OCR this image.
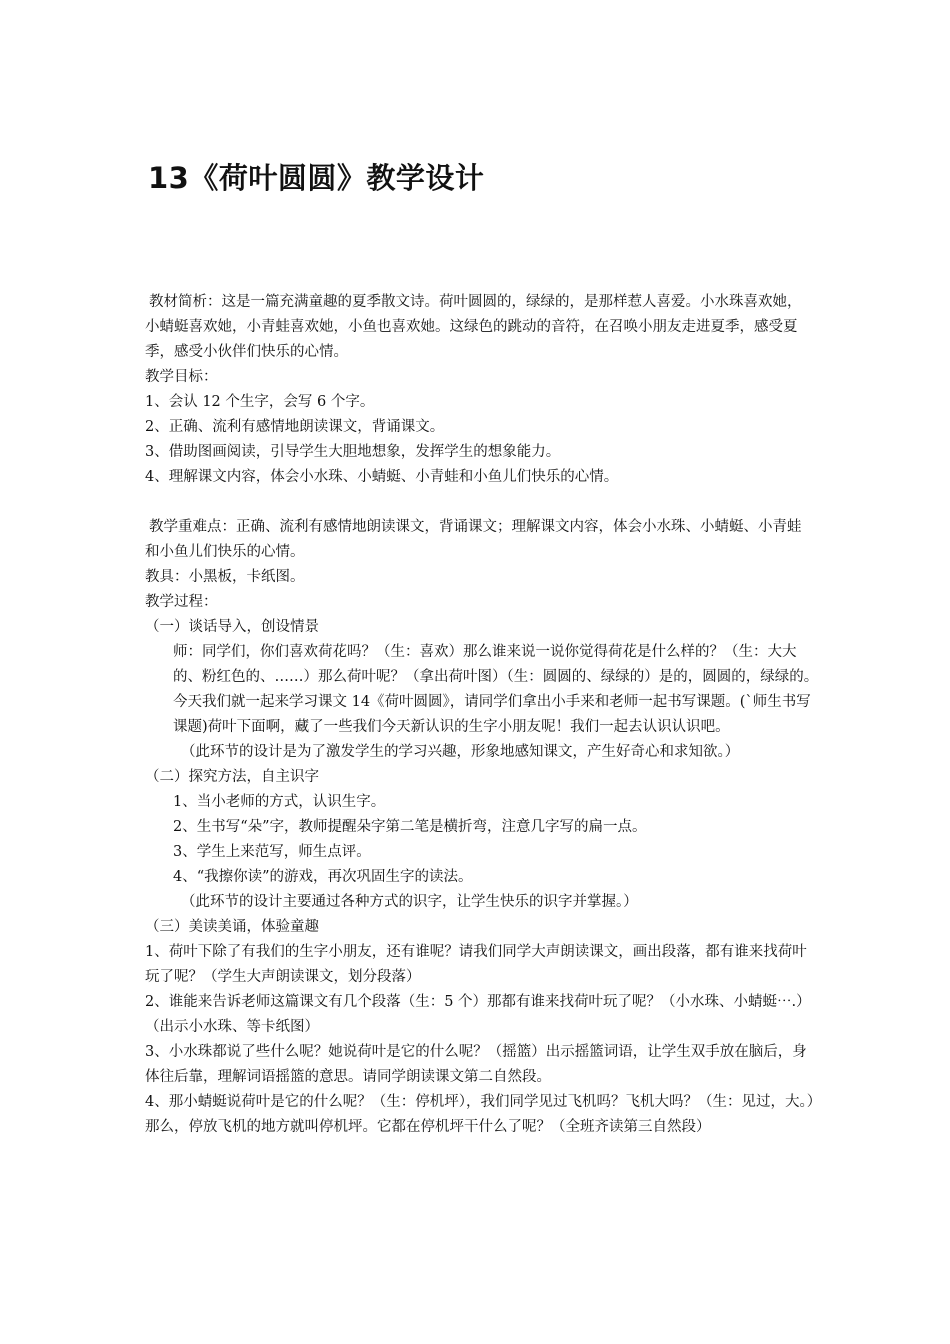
13《荷叶圆圆》教学设计

教材简析：这是一篇充满童趣的夏季散文诗。荷叶圆圆的，绿绿的，是那样惹人喜爱。小水珠喜欢她，小蜻蜓喜欢她，小青蛙喜欢她，小鱼也喜欢她。这绿色的跳动的音符，在召唤小朋友走进夏季，感受夏季，感受小伙伴们快乐的心情。

教学目标：

1、会认 12 个生字，会写 6 个字。

2、正确、流利有感情地朗读课文，背诵课文。

3、借助图画阅读，引导学生大胆地想象，发挥学生的想象能力。

4、理解课文内容，体会小水珠、小蜻蜓、小青蛙和小鱼儿们快乐的心情。

教学重难点：正确、流利有感情地朗读课文，背诵课文；理解课文内容，体会小水珠、小蜻蜓、小青蛙和小鱼儿们快乐的心情。

教具：小黑板，卡纸图。

教学过程：

（一）谈话导入，创设情景

师：同学们，你们喜欢荷花吗？（生：喜欢）那么谁来说一说你觉得荷花是什么样的？（生：大大的、粉红色的、……）那么荷叶呢？（拿出荷叶图）（生：圆圆的、绿绿的）是的，圆圆的，绿绿的。　　今天我们就一起来学习课文 14《荷叶圆圆》，请同学们拿出小手来和老师一起书写课题。(`师生书写课题)荷叶下面啊，藏了一些我们今天新认识的生字小朋友呢！我们一起去认识认识吧。

（此环节的设计是为了激发学生的学习兴趣，形象地感知课文，产生好奇心和求知欲。）

（二）探究方法，自主识字

1、当小老师的方式，认识生字。

2、生书写“朵”字，教师提醒朵字第二笔是横折弯，注意几字写的扁一点。

3、学生上来范写，师生点评。

4、“我擦你读”的游戏，再次巩固生字的读法。

（此环节的设计主要通过各种方式的识字，让学生快乐的识字并掌握。）

（三）美读美诵，体验童趣

1、荷叶下除了有我们的生字小朋友，还有谁呢？请我们同学大声朗读课文，画出段落，都有谁来找荷叶玩了呢？（学生大声朗读课文，划分段落）

2、谁能来告诉老师这篇课文有几个段落（生：5 个）那都有谁来找荷叶玩了呢？（小水珠、小蜻蜓⋯.）（出示小水珠、等卡纸图）

3、小水珠都说了些什么呢？她说荷叶是它的什么呢？（摇篮）出示摇篮词语，让学生双手放在脑后，身体往后靠，理解词语摇篮的意思。请同学朗读课文第二自然段。

4、那小蜻蜓说荷叶是它的什么呢？（生：停机坪），我们同学见过飞机吗？飞机大吗？（生：见过，大。）那么，停放飞机的地方就叫停机坪。它都在停机坪干什么了呢？（全班齐读第三自然段）
